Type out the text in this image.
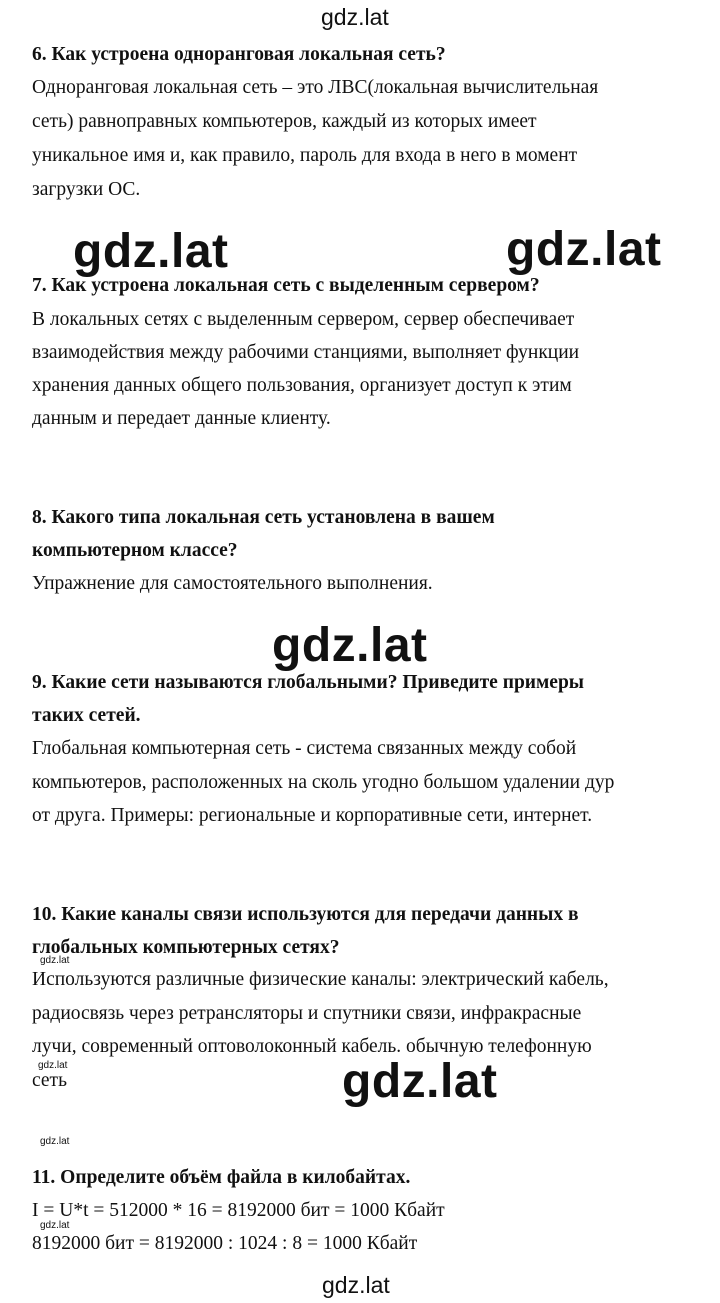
gdz.lat
gdz.lat	gdz.lat
gdz.lat
gdz.lat
gdz.lat
gdz.lat
gdz.lat
gdz.lat
gdz.lat
6. Как устроена одноранговая локальная сеть?
Одноранговая локальная сеть – это ЛВС(локальная вычислительная
сеть) равноправных компьютеров, каждый из которых имеет
уникальное имя и, как правило, пароль для входа в него в момент
загрузки ОС.
7. Как устроена локальная сеть с выделенным сервером?
В локальных сетях с выделенным сервером, сервер обеспечивает
взаимодействия между рабочими станциями, выполняет функции
хранения данных общего пользования, организует доступ к этим
данным и передает данные клиенту.
8. Какого типа локальная сеть установлена в вашем
компьютерном классе?
Упражнение для самостоятельного выполнения.
9. Какие сети называются глобальными? Приведите примеры
таких сетей.
Глобальная компьютерная сеть - система связанных между собой
компьютеров, расположенных на сколь угодно большом удалении дур
от друга. Примеры: региональные и корпоративные сети, интернет.
10. Какие каналы связи используются для передачи данных в
глобальных компьютерных сетях?
Используются различные физические каналы: электрический кабель,
радиосвязь через ретрансляторы и спутники связи, инфракрасные
лучи, современный оптоволоконный кабель. обычную телефонную
сеть
11. Определите объём файла в килобайтах.
I = U*t = 512000 * 16 = 8192000 бит = 1000 Кбайт
8192000 бит = 8192000 : 1024 : 8 = 1000 Кбайт
